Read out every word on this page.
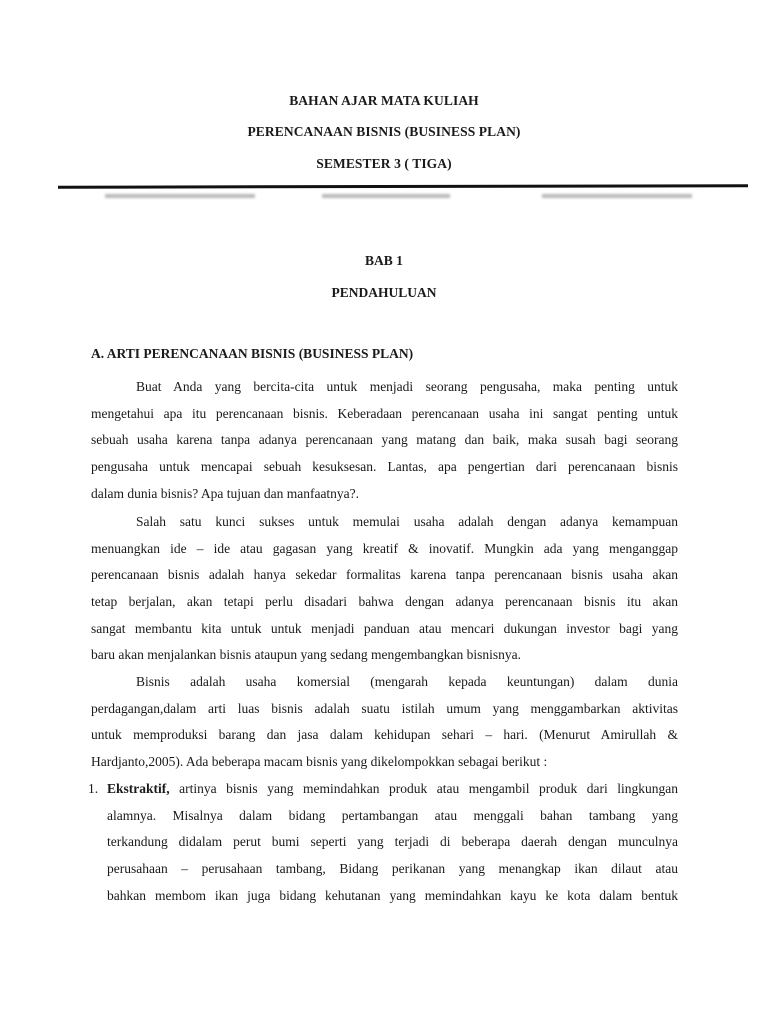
BAHAN AJAR MATA KULIAH
PERENCANAAN BISNIS (BUSINESS PLAN)
SEMESTER 3 ( TIGA)
BAB 1
PENDAHULUAN
A. ARTI PERENCANAAN BISNIS (BUSINESS PLAN)
Buat Anda yang bercita-cita untuk menjadi seorang pengusaha, maka penting untuk
mengetahui apa itu perencanaan bisnis. Keberadaan perencanaan usaha ini sangat penting untuk
sebuah usaha karena tanpa adanya perencanaan yang matang dan baik, maka susah bagi seorang
pengusaha untuk mencapai sebuah kesuksesan. Lantas, apa pengertian dari perencanaan bisnis
dalam dunia bisnis? Apa tujuan dan manfaatnya?.
Salah satu kunci sukses untuk memulai usaha adalah dengan adanya kemampuan
menuangkan ide – ide atau gagasan yang kreatif & inovatif. Mungkin ada yang menganggap
perencanaan bisnis adalah hanya sekedar formalitas karena tanpa perencanaan bisnis usaha akan
tetap berjalan, akan tetapi perlu disadari bahwa dengan adanya perencanaan bisnis itu akan
sangat membantu kita untuk untuk menjadi panduan atau mencari dukungan investor bagi yang
baru akan menjalankan bisnis ataupun yang sedang mengembangkan bisnisnya.
Bisnis adalah usaha komersial (mengarah kepada keuntungan) dalam dunia
perdagangan,dalam arti luas bisnis adalah suatu istilah umum yang menggambarkan aktivitas
untuk memproduksi barang dan jasa dalam kehidupan sehari – hari. (Menurut Amirullah &
Hardjanto,2005). Ada beberapa macam bisnis yang dikelompokkan sebagai berikut :
1. Ekstraktif, artinya bisnis yang memindahkan produk atau mengambil produk dari lingkungan
alamnya. Misalnya dalam bidang pertambangan atau menggali bahan tambang yang
terkandung didalam perut bumi seperti yang terjadi di beberapa daerah dengan munculnya
perusahaan – perusahaan tambang, Bidang perikanan yang menangkap ikan dilaut atau
bahkan membom ikan juga bidang kehutanan yang memindahkan kayu ke kota dalam bentuk
